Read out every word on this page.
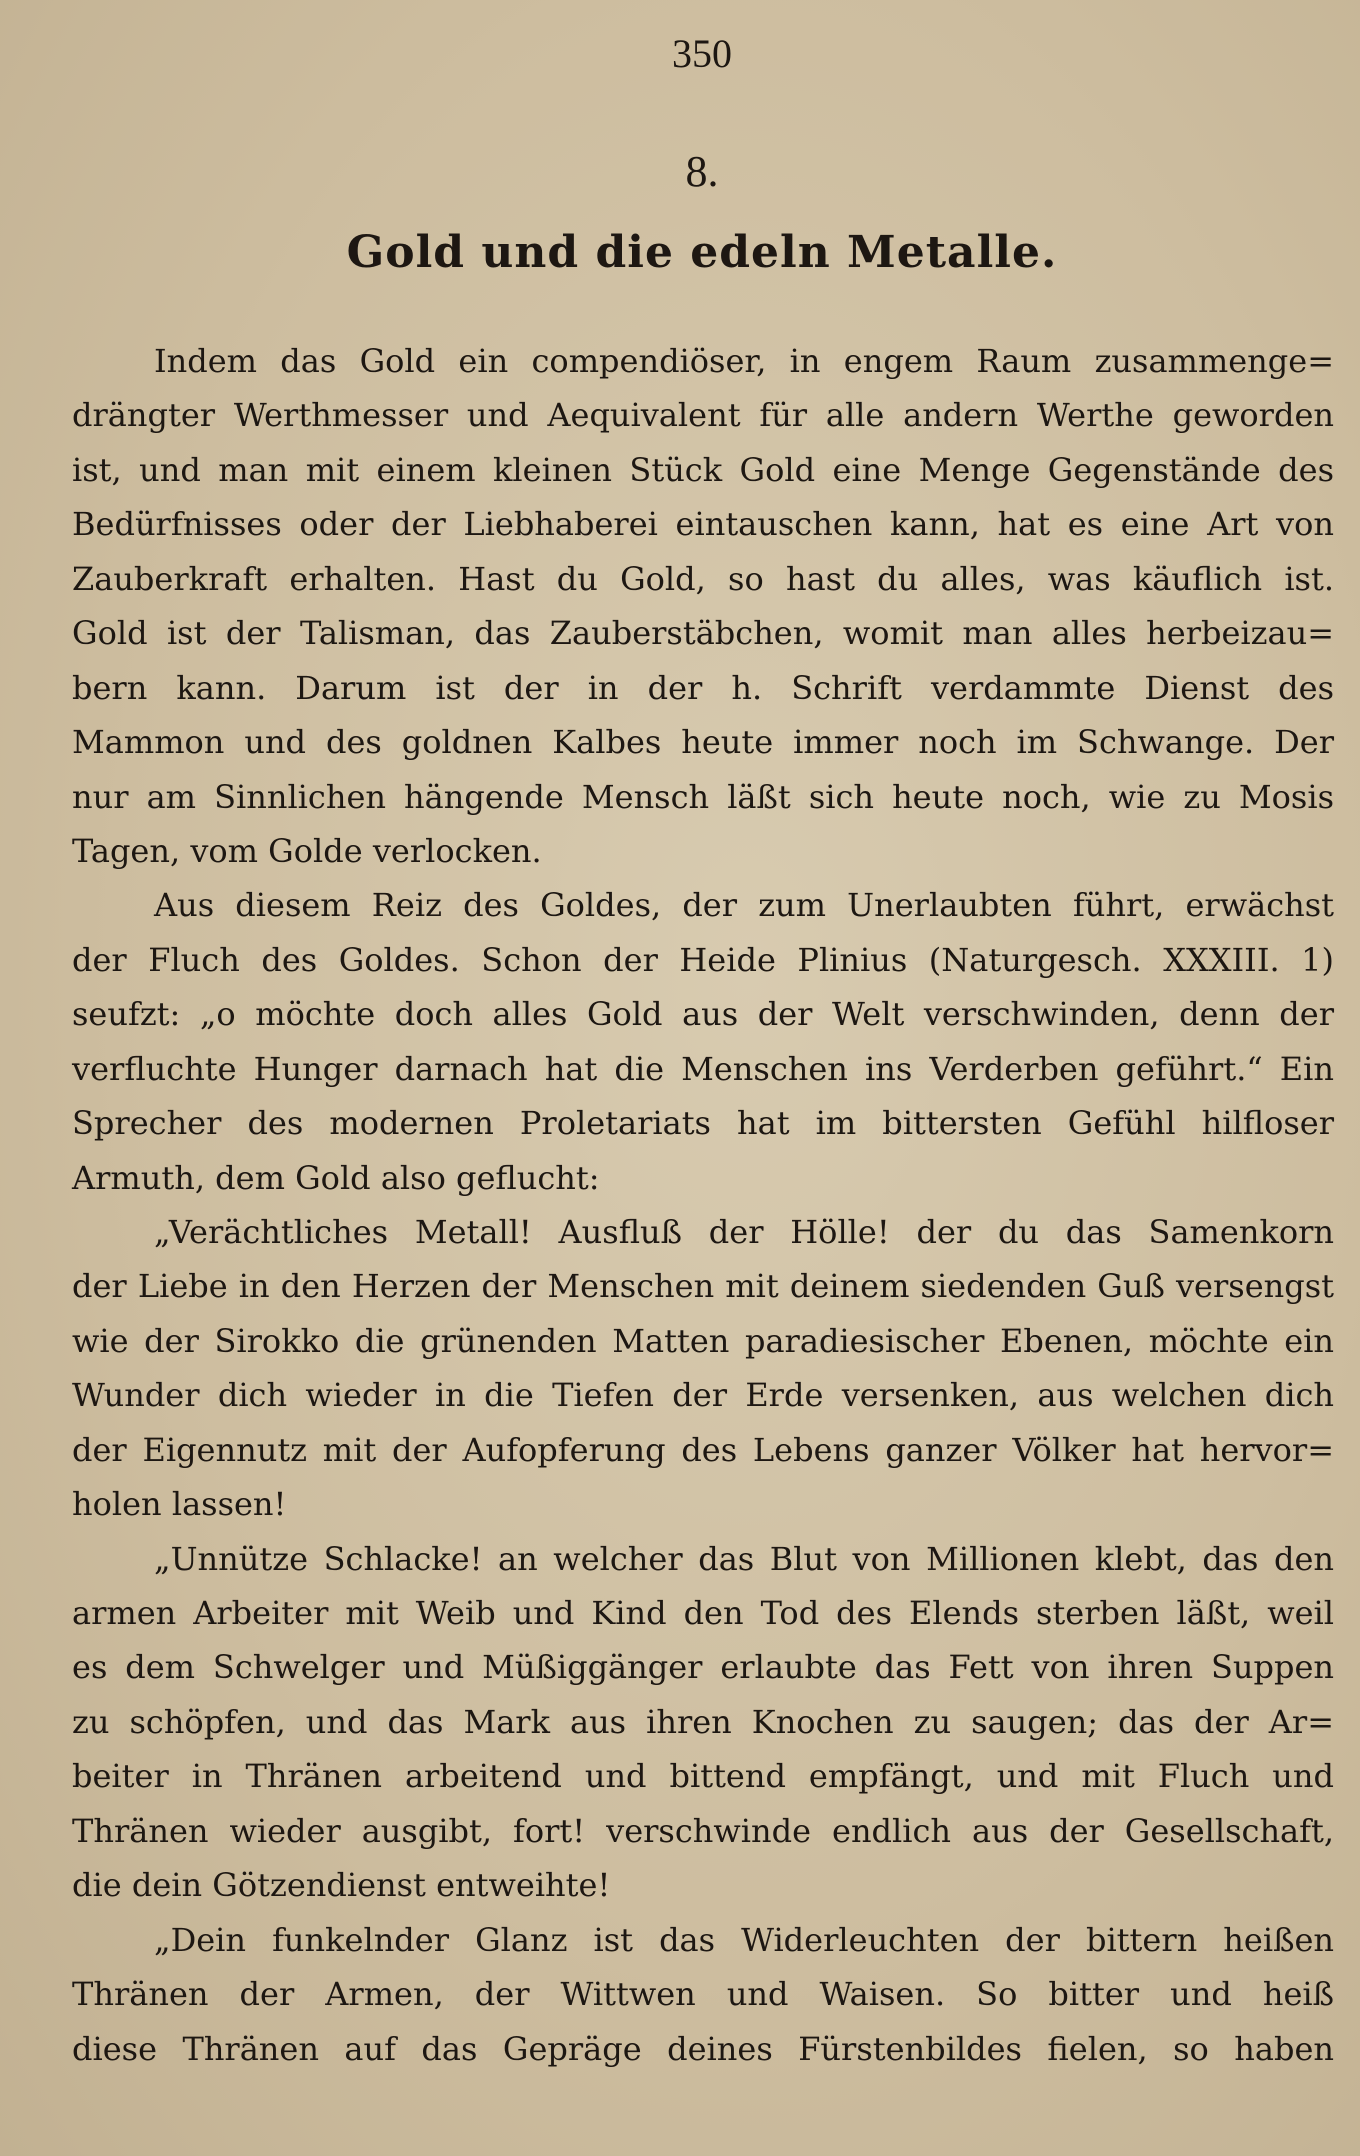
350
8.
Gold und die edeln Metalle.
Indem das Gold ein compendiöser, in engem Raum zusammenge=
drängter Werthmesser und Aequivalent für alle andern Werthe geworden
ist, und man mit einem kleinen Stück Gold eine Menge Gegenstände des
Bedürfnisses oder der Liebhaberei eintauschen kann, hat es eine Art von
Zauberkraft erhalten. Hast du Gold, so hast du alles, was käuflich ist.
Gold ist der Talisman, das Zauberstäbchen, womit man alles herbeizau=
bern kann. Darum ist der in der h. Schrift verdammte Dienst des
Mammon und des goldnen Kalbes heute immer noch im Schwange. Der
nur am Sinnlichen hängende Mensch läßt sich heute noch, wie zu Mosis
Tagen, vom Golde verlocken.
Aus diesem Reiz des Goldes, der zum Unerlaubten führt, erwächst
der Fluch des Goldes. Schon der Heide Plinius (Naturgesch. XXXIII. 1)
seufzt: „o möchte doch alles Gold aus der Welt verschwinden, denn der
verfluchte Hunger darnach hat die Menschen ins Verderben geführt.“ Ein
Sprecher des modernen Proletariats hat im bittersten Gefühl hilfloser
Armuth, dem Gold also geflucht:
„Verächtliches Metall! Ausfluß der Hölle! der du das Samenkorn
der Liebe in den Herzen der Menschen mit deinem siedenden Guß versengst
wie der Sirokko die grünenden Matten paradiesischer Ebenen, möchte ein
Wunder dich wieder in die Tiefen der Erde versenken, aus welchen dich
der Eigennutz mit der Aufopferung des Lebens ganzer Völker hat hervor=
holen lassen!
„Unnütze Schlacke! an welcher das Blut von Millionen klebt, das den
armen Arbeiter mit Weib und Kind den Tod des Elends sterben läßt, weil
es dem Schwelger und Müßiggänger erlaubte das Fett von ihren Suppen
zu schöpfen, und das Mark aus ihren Knochen zu saugen; das der Ar=
beiter in Thränen arbeitend und bittend empfängt, und mit Fluch und
Thränen wieder ausgibt, fort! verschwinde endlich aus der Gesellschaft,
die dein Götzendienst entweihte!
„Dein funkelnder Glanz ist das Widerleuchten der bittern heißen
Thränen der Armen, der Wittwen und Waisen. So bitter und heiß
diese Thränen auf das Gepräge deines Fürstenbildes fielen, so haben
